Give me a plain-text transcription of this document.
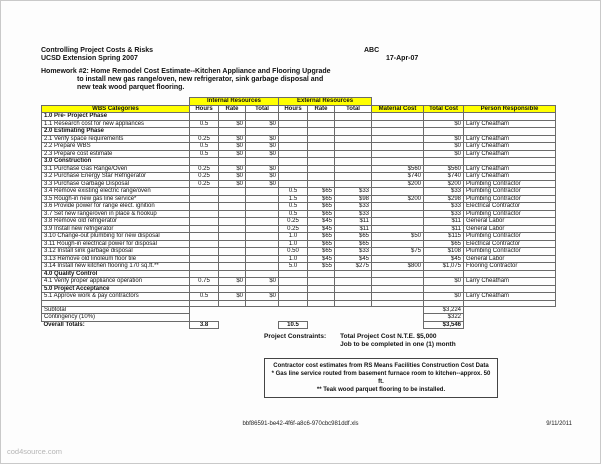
Controlling Project Costs & Risks
UCSD Extension Spring 2007
ABC
17-Apr-07
Homework #2: Home Remodel Cost Estimate--Kitchen Appliance and Flooring Upgrade
to install new gas range/oven, new refrigerator, sink garbage disposal and
new teak wood parquet flooring.
	Internal Resources			External Resources					
WBS Categories	Hours	Rate	Total	Hours	Rate	Total	Material Cost	Total Cost	Person Responsible
1.0 Pre- Project Phase									
1.1 Research cost for new appliances	0.5	$0	$0					$0	Larry Cheatham
2.0 Estimating Phase									
2.1 Verify space requirements	0.25	$0	$0					$0	Larry Cheatham
2.2 Prepare WBS	0.5	$0	$0					$0	Larry Cheatham
2.3 Prepare cost estimate	0.5	$0	$0					$0	Larry Cheatham
3.0 Construction									
3.1 Purchase Gas Range/Oven	0.25	$0	$0				$560	$560	Larry Cheatham
3.2 Purchase Energy Star Refrigerator	0.25	$0	$0				$740	$740	Larry Cheatham
3.3 Purchase Garbage Disposal	0.25	$0	$0				$200	$200	Plumbing Contractor
3.4 Remove existing electric range/oven				0.5	$65	$33		$33	Plumbing Contractor
3.5 Rough-in new gas line service*				1.5	$65	$98	$200	$298	Plumbing Contractor
3.6 Provide power for range elect. ignition				0.5	$65	$33		$33	Electrical Contractor
3.7 Set new range/oven in place & hookup				0.5	$65	$33		$33	Plumbing Contractor
3.8 Remove old refrigerator				0.25	$45	$11		$11	General Labor
3.9 Install new refrigerator				0.25	$45	$11		$11	General Labor
3.10 Change-out plumbing for new disposal				1.0	$65	$65	$50	$115	Plumbing Contractor
3.11 Rough-in electrical power for disposal				1.0	$65	$65		$65	Electrical Contractor
3.12 Install sink garbage disposal				0.50	$65	$33	$75	$108	Plumbing Contractor
3.13 Remove old linoleum floor tile				1.0	$45	$45		$45	General Labor
3.14 Install new kitchen flooring 170 sq.ft.**				5.0	$55	$275	$800	$1,075	Flooring Contractor
4.0 Quality Control									
4.1 Verify proper appliance operation	0.75	$0	$0					$0	Larry Cheatham
5.0 Project Acceptance									
5.1 Approve work & pay contractors	0.5	$0	$0					$0	Larry Cheatham

Subtotal								$3,224	
Contingency (10%)								$322	
Overall Totals:	3.8			10.5				$3,546	
Project Constraints: Total Project Cost N.T.E. $5,000
Job to be completed in one (1) month
Contractor cost estimates from RS Means Facilities Construction Cost Data
* Gas line service routed from basement furnace room to kitchen--approx. 50 ft.
** Teak wood parquet flooring to be installed.
bbf86591-be42-4f6f-a8c6-970cbc981ddf.xls	9/11/2011
cod4source.com
